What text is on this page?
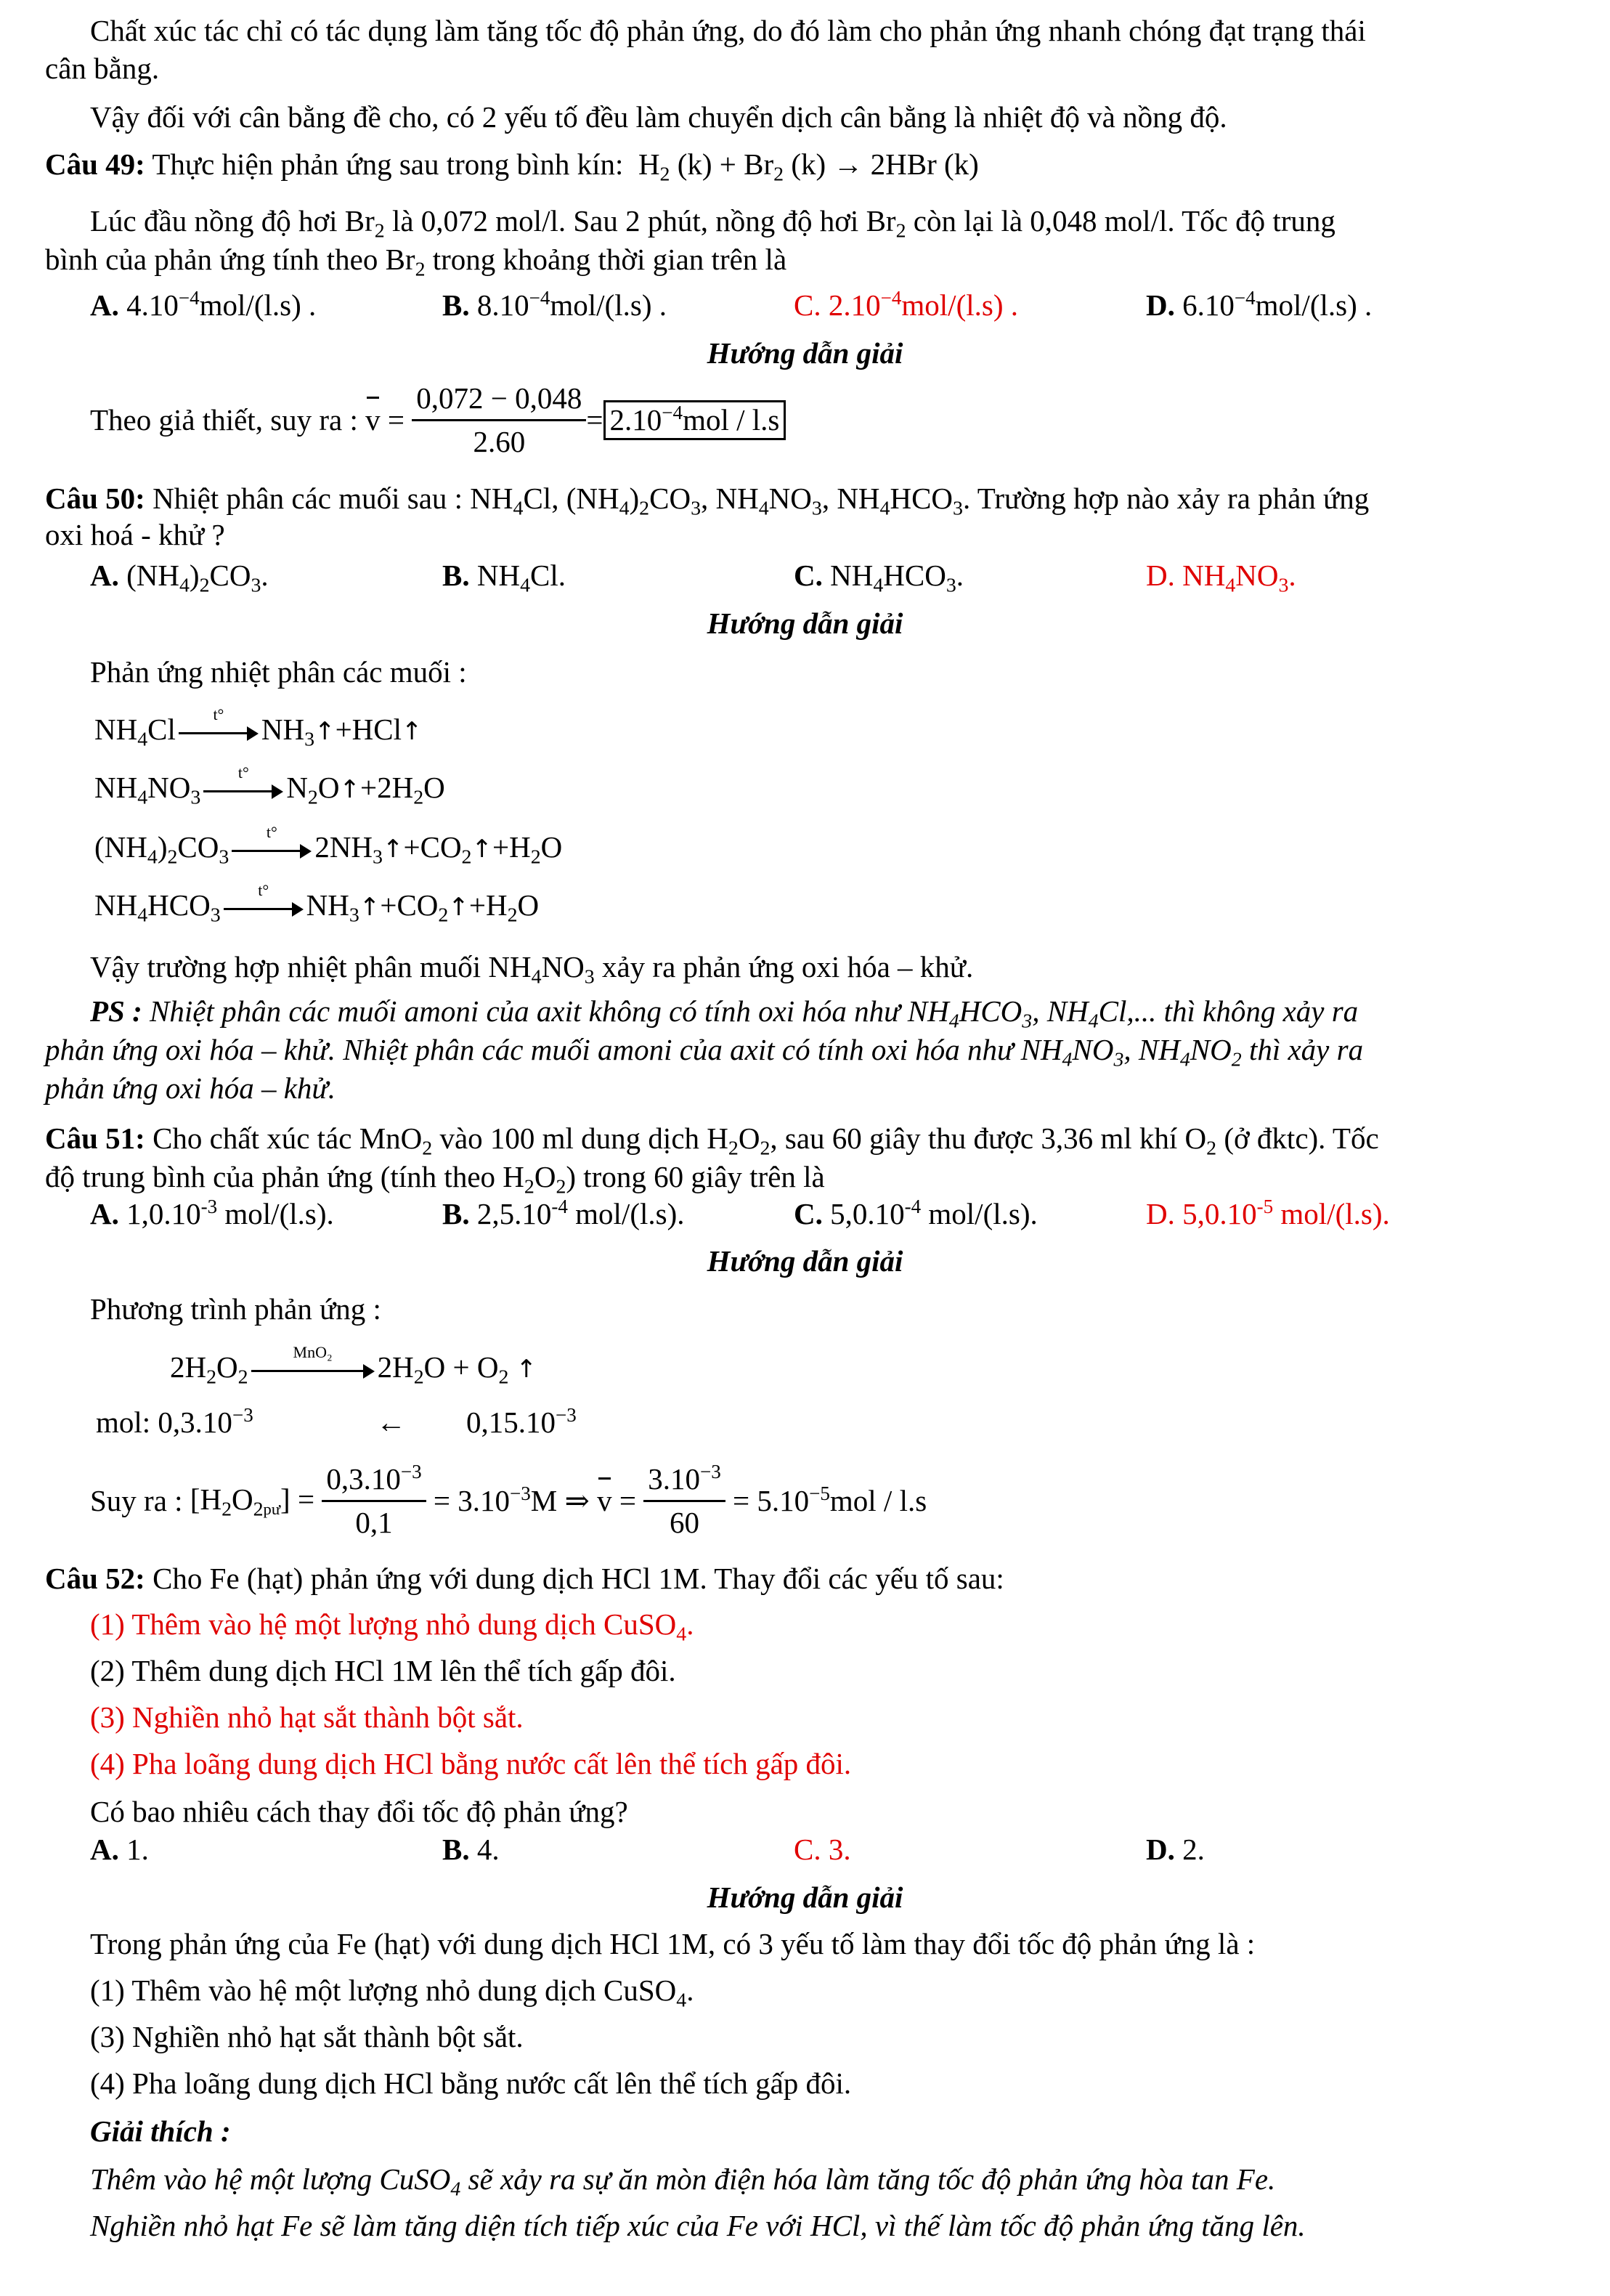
Chất xúc tác chỉ có tác dụng làm tăng tốc độ phản ứng, do đó làm cho phản ứng nhanh chóng đạt trạng thái
cân bằng.
Vậy đối với cân bằng đề cho, có 2 yếu tố đều làm chuyển dịch cân bằng là nhiệt độ và nồng độ.
Câu 49: Thực hiện phản ứng sau trong bình kín:  $H_2$ $(k) + Br_2$ (k) → 2HBr (k)
Lúc đầu nồng độ hơi $Br_2$ là 0,072 mol/l. Sau 2 phút, nồng độ hơi $Br_2$ còn lại là 0,048 mol/l. Tốc độ trung
bình của phản ứng tính theo $Br_2$ trong khoảng thời gian trên là
A. $4.10^{-4}mol/(l.s)$ .	B. $8.10^{-4}mol/(l.s)$ .	C. $2.10^{-4}mol/(l.s)$ .	D. $6.10^{-4}mol/(l.s)$ .
Hướng dẫn giải
Theo giả thiết, suy ra : $v = \frac{0,072 - 0,048}{2.60} = 2.10^{-4}mol / l.s$
Câu 50: Nhiệt phân các muối sau : $NH_4Cl$, $(NH_4)_2CO_3$, $NH_4NO_3$, $NH_4HCO_3$. Trường hợp nào xảy ra phản ứng
oxi hoá - khử ?
A. $(NH_4)_2CO_3$.	B. $NH_4Cl$.	C. $NH_4HCO_3$.	D. $NH_4NO_3$.
Hướng dẫn giải
Phản ứng nhiệt phân các muối :
$NH_4Cl$	t°	$NH_3↑+HCl↑$
$NH_4NO_3$
t°	$N_2O↑+2H_2O$
$(NH_4)_2CO_3$
t°	$2NH_3↑+CO_2↑+H_2O$
$NH_4HCO_3$
t°	$NH_3↑+CO_2↑+H_2O$
Vậy trường hợp nhiệt phân muối $NH_4NO_3$ xảy ra phản ứng oxi hóa – khử.
PS : Nhiệt phân các muối amoni của axit không có tính oxi hóa như $NH_4HCO_3$, $NH_4Cl$,... thì không xảy ra
phản ứng oxi hóa – khử. Nhiệt phân các muối amoni của axit có tính oxi hóa như $NH_4NO_3$, $NH_4NO_2$ thì xảy ra
phản ứng oxi hóa – khử.
Câu 51: Cho chất xúc tác MnO$_2$ vào 100 ml dung dịch $H_2O_2$, sau 60 giây thu được 3,36 ml khí $O_2$ (ở đktc). Tốc
độ trung bình của phản ứng (tính theo $H_2O_2$) trong 60 giây trên là
A. $1,0.10^{-3}$ mol/(l.s).	B. $2,5.10^{-4}$ mol/(l.s).	C. $5,0.10^{-4}$ mol/(l.s).	D. $5,0.10^{-5}$ mol/(l.s).
Hướng dẫn giải
Phương trình phản ứng :
$2H_2O_2$
MnO₂	$2H_2O + O_2$ ↑
mol: $0,3.10^{-3}$	← $0,15.10^{-3}$
Suy ra : $[H_2O_{2pư}] = \frac{0,3.10^{-3}}{0,1} = 3.10^{-3}M$ ⇒ $v = \frac{3.10^{-3}}{60} = 5.10^{-5}mol / l.s$
Câu 52: Cho Fe (hạt) phản ứng với dung dịch HCl 1M. Thay đổi các yếu tố sau:
(1) Thêm vào hệ một lượng nhỏ dung dịch CuSO$_4$.
(2) Thêm dung dịch HCl 1M lên thể tích gấp đôi.
(3) Nghiền nhỏ hạt sắt thành bột sắt.
(4) Pha loãng dung dịch HCl bằng nước cất lên thể tích gấp đôi.
Có bao nhiêu cách thay đổi tốc độ phản ứng?
A. 1.	B. 4.	C. 3.	D. 2.
Hướng dẫn giải
Trong phản ứng của Fe (hạt) với dung dịch HCl 1M, có 3 yếu tố làm thay đổi tốc độ phản ứng là :
(1) Thêm vào hệ một lượng nhỏ dung dịch CuSO$_4$.
(3) Nghiền nhỏ hạt sắt thành bột sắt.
(4) Pha loãng dung dịch HCl bằng nước cất lên thể tích gấp đôi.
Giải thích :
Thêm vào hệ một lượng CuSO$_4$ sẽ xảy ra sự ăn mòn điện hóa làm tăng tốc độ phản ứng hòa tan Fe.
Nghiền nhỏ hạt Fe sẽ làm tăng diện tích tiếp xúc của Fe với HCl, vì thế làm tốc độ phản ứng tăng lên.
